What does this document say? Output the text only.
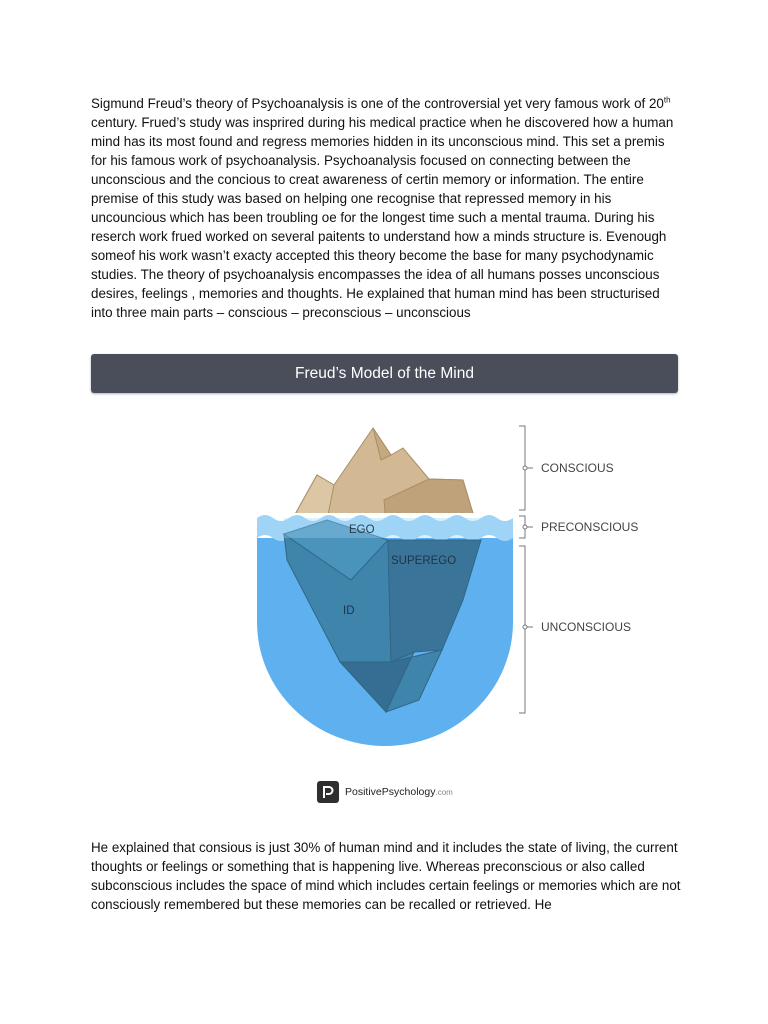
Sigmund Freud’s theory of Psychoanalysis is one of the controversial yet very famous work of 20th century. Frued’s study was insprired during his medical practice when he discovered how a human mind has its most found and regress memories hidden in its unconscious mind. This set a premis for his famous work of psychoanalysis. Psychoanalysis focused on connecting between the unconscious and the concious to creat awareness of certin memory or information. The entire premise of this study was based on helping one recognise that repressed memory in his uncouncious which has been troubling oe for the longest time such a mental trauma. During his reserch work frued worked on several paitents to understand how a minds structure is. Evenough someof his work wasn’t exacty accepted this theory become the base for many psychodynamic studies. The theory of psychoanalysis encompasses the idea of all humans posses unconscious desires, feelings , memories and thoughts. He explained that human mind has been structurised into three main parts – conscious – preconscious – unconscious

Freud’s Model of the Mind
EGO
SUPEREGO
ID
CONSCIOUS
PRECONSCIOUS
UNCONSCIOUS
PositivePsychology.com

He explained that consious is just 30% of human mind and it includes the state of living, the current thoughts or feelings or something that is happening live. Whereas preconscious or also called subconscious includes the space of mind which includes certain feelings or memories which are not consciously remembered but these memories can be recalled or retrieved. He
